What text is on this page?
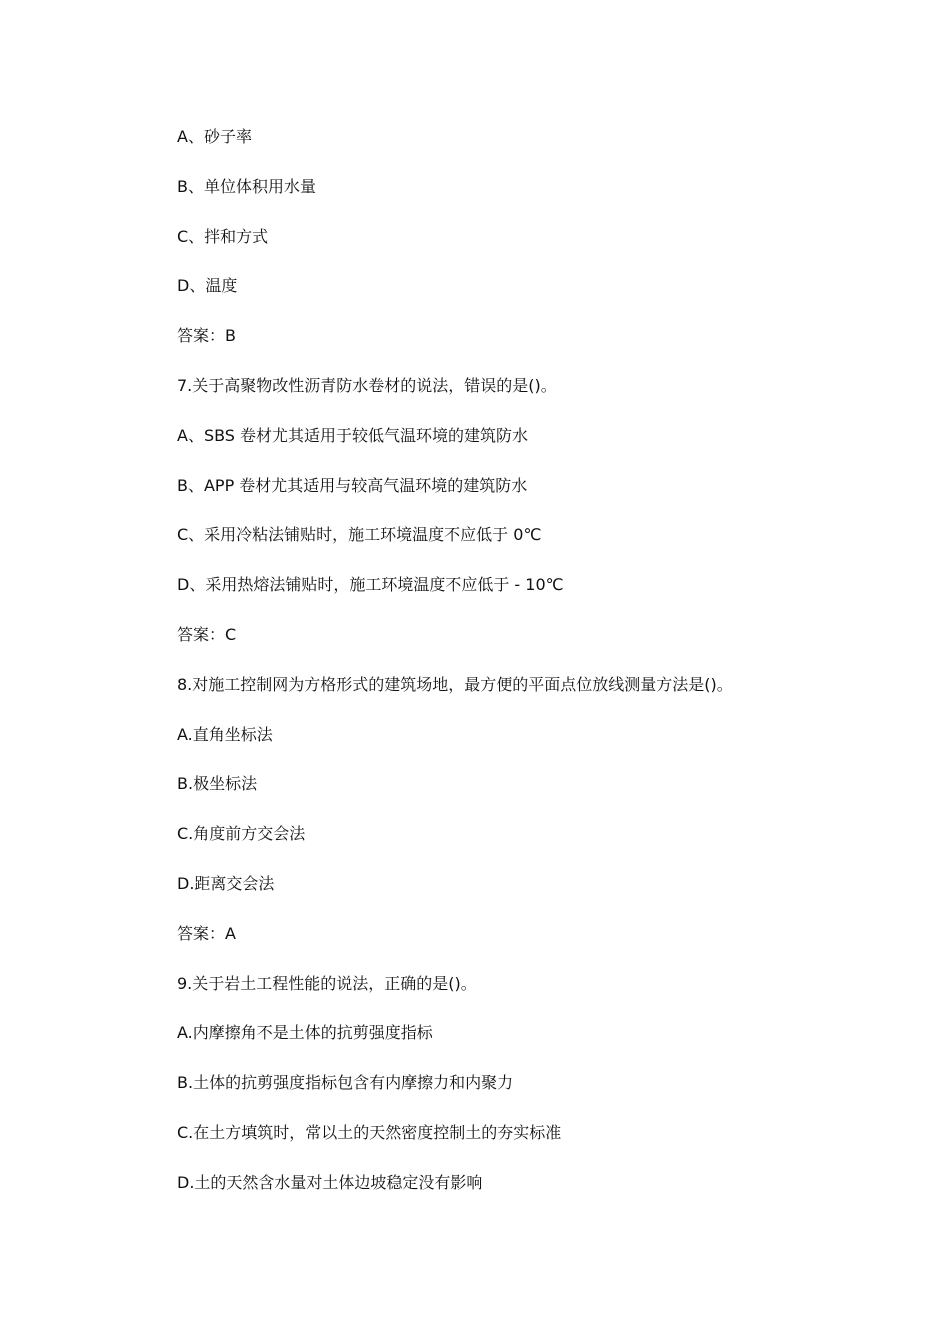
A、砂子率
B、单位体积用水量
C、拌和方式
D、温度
答案：B
7.关于高聚物改性沥青防水卷材的说法，错误的是()。
A、SBS 卷材尤其适用于较低气温环境的建筑防水
B、APP 卷材尤其适用与较高气温环境的建筑防水
C、采用冷粘法铺贴时，施工环境温度不应低于 0℃
D、采用热熔法铺贴时，施工环境温度不应低于 - 10℃
答案：C
8.对施工控制网为方格形式的建筑场地，最方便的平面点位放线测量方法是()。
A.直角坐标法
B.极坐标法
C.角度前方交会法
D.距离交会法
答案：A
9.关于岩土工程性能的说法，正确的是()。
A.内摩擦角不是土体的抗剪强度指标
B.土体的抗剪强度指标包含有内摩擦力和内聚力
C.在土方填筑时，常以土的天然密度控制土的夯实标准
D.土的天然含水量对土体边坡稳定没有影响
